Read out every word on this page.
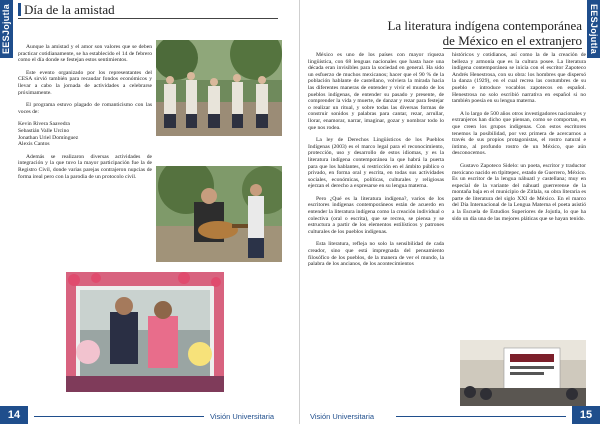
EESJojutla	Día de la amistad

Aunque la amistad y el amor son valores que se deben practicar cotidianamente, se ha establecido el 14 de febrero como el día donde se festejan estos sentimientos.

Este evento organizado por los representantes del CESA sirvió también para recaudar fondos económicos y llevar a cabo la jornada de actividades a celebrarse próximamente.

El programa estuvo plagado de romanticismo con las voces de:

Kevin Rivera Saavedra

Sebastián Valle Urcino

Jonathan Uriel Domínguez

Alexis Cantos

Además se realizaron diversas actividades de integración y la que tuvo la mayor participación fue la de Registro Civil, donde varias parejas contrajeron nupcias de forma ireal pero con la parodia de un protocolo civil.

14	Visión Universitaria
EESJojutla
La literatura indígena contemporánea
de México en el extranjero

México es uno de los países con mayor riqueza lingüística, con 68 lenguas nacionales que hasta hace una década eran invisibles para la sociedad en general. Ha sido un esfuerzo de muchos mexicanos; hacer que el 90 % de la población hablante de castellano, volviera la mirada hacia las diferentes maneras de entender y vivir el mundo de los pueblos indígenas, de entender su pasado y presente, de comprender la vida y muerte, de danzar y rezar para festejar o realizar un ritual, y sobre todas las diversas formas de construir sonidos y palabras para cantar, rezar, arrullar, llorar, enamorar, narrar, imaginar, gozar y nombrar todo lo que nos rodea.

La ley de Derechos Lingüísticos de los Pueblos Indígenas (2003) es el marco legal para el reconocimiento, protección, uso y desarrollo de estos idiomas, y es la literatura indígena contemporánea la que habrá la puerta para que los hablantes, si restricción en el ámbito público o privado, en forma oral y escrita, en todas sus actividades sociales, económicas, políticas, culturales y religiosas ejerzan el derecho a expresarse en su lengua materna.

Pero ¿Qué es la literatura indígena?, varios de los escritores indígenas contemporáneos están de acuerdo en entender la literatura indígena como la creación individual o colectiva (oral o escrita), que se recrea, se piensa y se estructura a partir de los elementos estilísticos y patrones culturales de los pueblos indígenas.

Esta literatura, refleja no solo la sensibilidad de cada creador, sino que está impregnada del pensamiento filosófico de los pueblos, de la manera de ver el mundo, la palabra de los ancianos, de los acontecimientos

históricos y cotidianos, así como la de la creación de belleza y armonía que es la cultura posee. La literatura indígena contemporánea se inicia con el escritor Zapoteco Andrés Henestrosa, con su obra: los hombres que dispersó la danza (1929), en el cual recrea las costumbres de su pueblo e introduce vocablos zapotecos en español. Henestrosa no solo escribió narrativa en español si no también poesía en su lengua materna.

A lo largo de 500 años otros investigadores nacionales y extranjeros han dicho que piensan, como se comportan, en que creen los grupos indígenas. Con estos escritores tenemos la posibilidad, por vez primera de acercarnos a través de sus propios protagonistas, el rostro natural e íntimo, al profundo rostro de un México, que aún desconocemos.

Gustavo Zapoteco Sidelo: un poeta, escritor y traductor mexicano nacido en tlpittepec, estado de Guerrero, México. Es un escritor de la lengua náhuatl y castellana; muy en especial de la variante del náhuatl guerrerense de la montaña baja en el municipio de Zitlala, su obra literaria es parte de literatura del siglo XXI de México. En el marco del Día Internacional de la Lengua Materna el poeta asistió a la Escuela de Estudios Superiores de Jojutla, lo que ha sido un día una de las mejores pláticas que se hayan tenido.

Visión Universitaria	15
